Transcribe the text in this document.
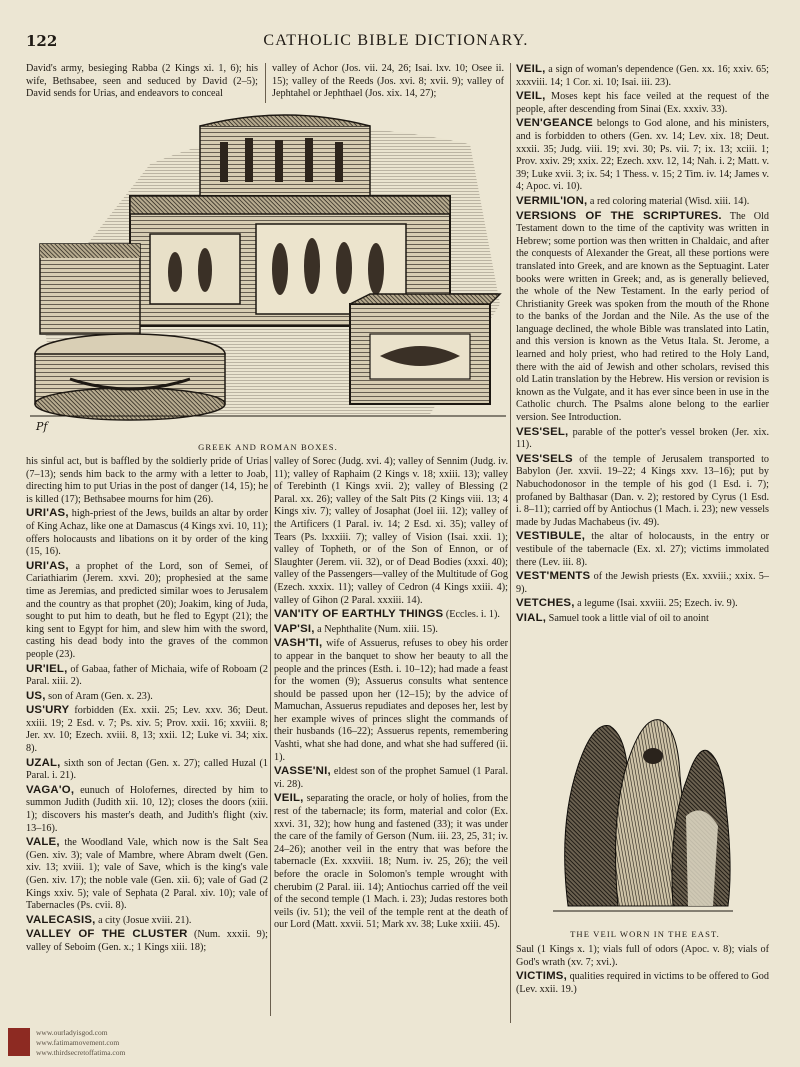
122	CATHOLIC BIBLE DICTIONARY.

David's army, besieging Rabba (2 Kings xi. 1, 6); his wife, Bethsabee, seen and seduced by David (2–5); David sends for Urias, and endeavors to conceal

valley of Achor (Jos. vii. 24, 26; Isai. lxv. 10; Osee ii. 15); valley of the Reeds (Jos. xvi. 8; xvii. 9); valley of Jephtahel or Jephthael (Jos. xix. 14, 27);

Pf
GREEK AND ROMAN BOXES.

his sinful act, but is baffled by the soldierly pride of Urias (7–13); sends him back to the army with a letter to Joab, directing him to put Urias in the post of danger (14, 15); he is killed (17); Bethsabee mourns for him (26).

URI'AS, high-priest of the Jews, builds an altar by order of King Achaz, like one at Damascus (4 Kings xvi. 10, 11); offers holocausts and libations on it by order of the king (15, 16).

URI'AS, a prophet of the Lord, son of Semei, of Cariathiarim (Jerem. xxvi. 20); prophesied at the same time as Jeremias, and predicted similar woes to Jerusalem and the country as that prophet (20); Joakim, king of Juda, sought to put him to death, but he fled to Egypt (21); the king sent to Egypt for him, and slew him with the sword, casting his dead body into the graves of the common people (23).

UR'IEL, of Gabaa, father of Michaia, wife of Roboam (2 Paral. xiii. 2).

US, son of Aram (Gen. x. 23).

US'URY forbidden (Ex. xxii. 25; Lev. xxv. 36; Deut. xxiii. 19; 2 Esd. v. 7; Ps. xiv. 5; Prov. xxii. 16; xxviii. 8; Jer. xv. 10; Ezech. xviii. 8, 13; xxii. 12; Luke vi. 34; xix. 8).

UZAL, sixth son of Jectan (Gen. x. 27); called Huzal (1 Paral. i. 21).

VAGA'O, eunuch of Holofernes, directed by him to summon Judith (Judith xii. 10, 12); closes the doors (xiii. 1); discovers his master's death, and Judith's flight (xiv. 13–16).

VALE, the Woodland Vale, which now is the Salt Sea (Gen. xiv. 3); vale of Mambre, where Abram dwelt (Gen. xiv. 13; xviii. 1); vale of Save, which is the king's vale (Gen. xiv. 17); the noble vale (Gen. xii. 6); vale of Gad (2 Kings xxiv. 5); vale of Sephata (2 Paral. xiv. 10); vale of Tabernacles (Ps. cvii. 8).

VALECASIS, a city (Josue xviii. 21).

VALLEY OF THE CLUSTER (Num. xxxii. 9); valley of Seboim (Gen. x.; 1 Kings xiii. 18);

valley of Sorec (Judg. xvi. 4); valley of Sennim (Judg. iv. 11); valley of Raphaim (2 Kings v. 18; xxiii. 13); valley of Terebinth (1 Kings xvii. 2); valley of Blessing (2 Paral. xx. 26); valley of the Salt Pits (2 Kings viii. 13; 4 Kings xiv. 7); valley of Josaphat (Joel iii. 12); valley of the Artificers (1 Paral. iv. 14; 2 Esd. xi. 35); valley of Tears (Ps. lxxxiii. 7); valley of Vision (Isai. xxii. 1); valley of Topheth, or of the Son of Ennon, or of Slaughter (Jerem. vii. 32), or of Dead Bodies (xxxi. 40); valley of the Passengers—valley of the Multitude of Gog (Ezech. xxxix. 11); valley of Cedron (4 Kings xxiii. 4); valley of Gihon (2 Paral. xxxiii. 14).

VAN'ITY OF EARTHLY THINGS (Eccles. i. 1).

VAP'SI, a Nephthalite (Num. xiii. 15).

VASH'TI, wife of Assuerus, refuses to obey his order to appear in the banquet to show her beauty to all the people and the princes (Esth. i. 10–12); had made a feast for the women (9); Assuerus consults what sentence should be passed upon her (12–15); by the advice of Mamuchan, Assuerus repudiates and deposes her, lest by her example wives of princes slight the commands of their husbands (16–22); Assuerus repents, remembering Vashti, what she had done, and what she had suffered (ii. 1).

VASSE'NI, eldest son of the prophet Samuel (1 Paral. vi. 28).

VEIL, separating the oracle, or holy of holies, from the rest of the tabernacle; its form, material and color (Ex. xxvi. 31, 32); how hung and fastened (33); it was under the care of the family of Gerson (Num. iii. 23, 25, 31; iv. 24–26); another veil in the entry that was before the tabernacle (Ex. xxxviii. 18; Num. iv. 25, 26); the veil before the oracle in Solomon's temple wrought with cherubim (2 Paral. iii. 14); Antiochus carried off the veil of the second temple (1 Mach. i. 23); Judas restores both veils (iv. 51); the veil of the temple rent at the death of our Lord (Matt. xxvii. 51; Mark xv. 38; Luke xxiii. 45).

VEIL, a sign of woman's dependence (Gen. xx. 16; xxiv. 65; xxxviii. 14; 1 Cor. xi. 10; Isai. iii. 23).

VEIL, Moses kept his face veiled at the request of the people, after descending from Sinai (Ex. xxxiv. 33).

VEN'GEANCE belongs to God alone, and his ministers, and is forbidden to others (Gen. xv. 14; Lev. xix. 18; Deut. xxxii. 35; Judg. viii. 19; xvi. 30; Ps. vii. 7; ix. 13; xciii. 1; Prov. xxiv. 29; xxix. 22; Ezech. xxv. 12, 14; Nah. i. 2; Matt. v. 39; Luke xvii. 3; ix. 54; 1 Thess. v. 15; 2 Tim. iv. 14; James v. 4; Apoc. vi. 10).

VERMIL'ION, a red coloring material (Wisd. xiii. 14).

VERSIONS OF THE SCRIPTURES. The Old Testament down to the time of the captivity was written in Hebrew; some portion was then written in Chaldaic, and after the conquests of Alexander the Great, all these portions were translated into Greek, and are known as the Septuagint. Later books were written in Greek; and, as is generally believed, the whole of the New Testament. In the early period of Christianity Greek was spoken from the mouth of the Rhone to the banks of the Jordan and the Nile. As the use of the language declined, the whole Bible was translated into Latin, and this version is known as the Vetus Itala. St. Jerome, a learned and holy priest, who had retired to the Holy Land, there with the aid of Jewish and other scholars, revised this old Latin translation by the Hebrew. His version or revision is known as the Vulgate, and it has ever since been in use in the Catholic church. The Psalms alone belong to the earlier version. See Introduction.

VES'SEL, parable of the potter's vessel broken (Jer. xix. 11).

VES'SELS of the temple of Jerusalem transported to Babylon (Jer. xxvii. 19–22; 4 Kings xxv. 13–16); put by Nabuchodonosor in the temple of his god (1 Esd. i. 7); profaned by Balthasar (Dan. v. 2); restored by Cyrus (1 Esd. i. 8–11); carried off by Antiochus (1 Mach. i. 23); new vessels made by Judas Machabeus (iv. 49).

VESTIBULE, the altar of holocausts, in the entry or vestibule of the tabernacle (Ex. xl. 27); victims immolated there (Lev. iii. 8).

VEST'MENTS of the Jewish priests (Ex. xxviii.; xxix. 5–9).

VETCHES, a legume (Isai. xxviii. 25; Ezech. iv. 9).

VIAL, Samuel took a little vial of oil to anoint

THE VEIL WORN IN THE EAST.

Saul (1 Kings x. 1); vials full of odors (Apoc. v. 8); vials of God's wrath (xv. 7; xvi.).

VICTIMS, qualities required in victims to be offered to God (Lev. xxii. 19.)

www.ourladyisgod.com
www.fatimamovement.com
www.thirdsecretoffatima.com
